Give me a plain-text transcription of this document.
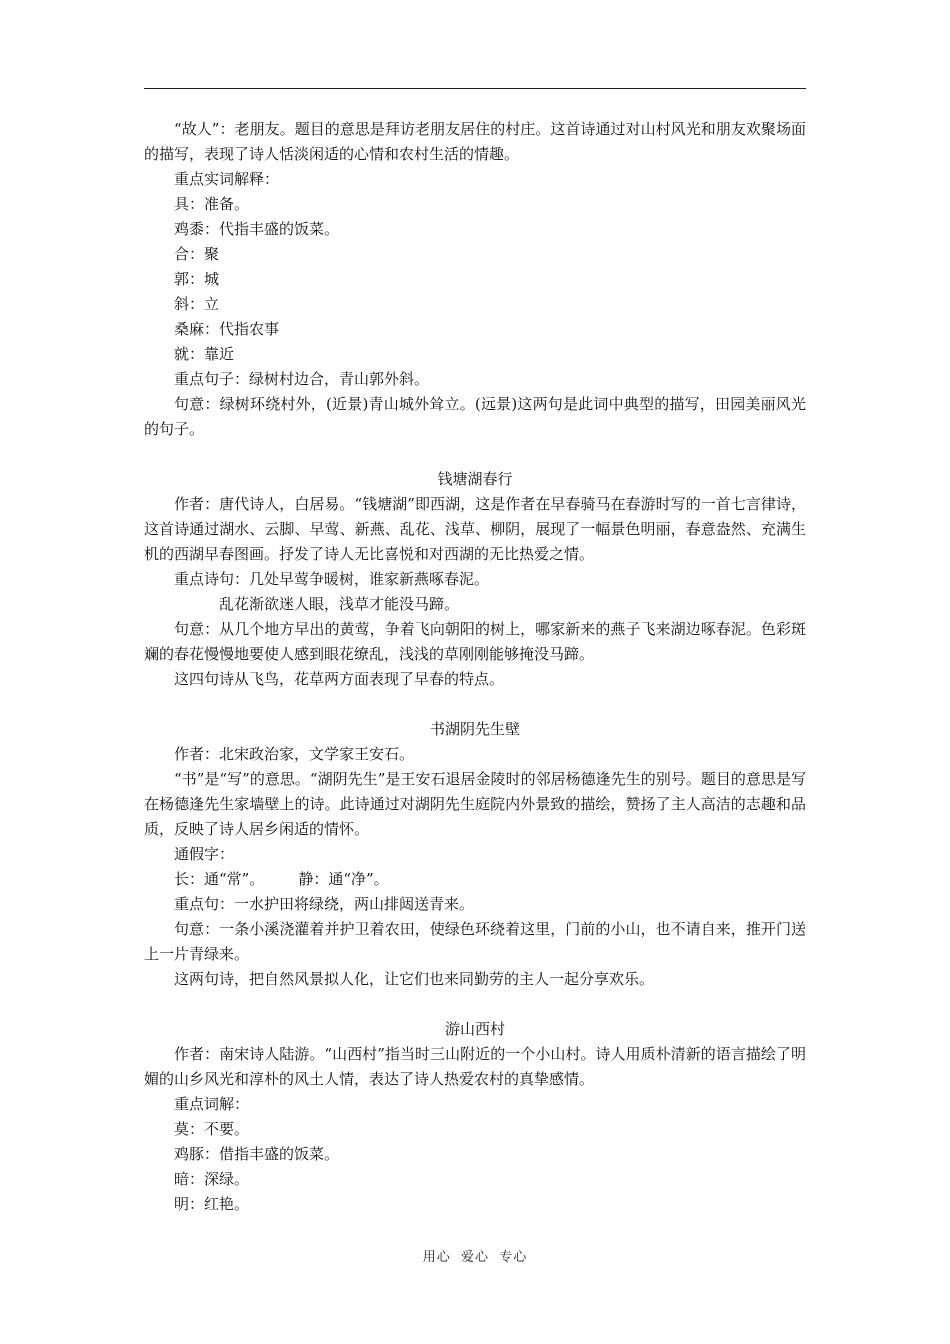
“故人”：老朋友。题目的意思是拜访老朋友居住的村庄。这首诗通过对山村风光和朋友欢聚场面的描写，表现了诗人恬淡闲适的心情和农村生活的情趣。

重点实词解释：

具：准备。

鸡黍：代指丰盛的饭菜。

合：聚

郭：城

斜：立

桑麻：代指农事

就：靠近

重点句子：绿树村边合，青山郭外斜。

句意：绿树环绕村外，(近景)青山城外耸立。(远景)这两句是此词中典型的描写，田园美丽风光的句子。

钱塘湖春行

作者：唐代诗人，白居易。“钱塘湖”即西湖，这是作者在早春骑马在春游时写的一首七言律诗，这首诗通过湖水、云脚、早莺、新燕、乱花、浅草、柳阴，展现了一幅景色明丽，春意盎然、充满生机的西湖早春图画。抒发了诗人无比喜悦和对西湖的无比热爱之情。

重点诗句：几处早莺争暖树，谁家新燕啄春泥。

乱花渐欲迷人眼，浅草才能没马蹄。

句意：从几个地方早出的黄莺，争着飞向朝阳的树上，哪家新来的燕子飞来湖边啄春泥。色彩斑斓的春花慢慢地要使人感到眼花缭乱，浅浅的草刚刚能够掩没马蹄。

这四句诗从飞鸟，花草两方面表现了早春的特点。

书湖阴先生壁

作者：北宋政治家，文学家王安石。

“书”是“写”的意思。“湖阴先生”是王安石退居金陵时的邻居杨德逢先生的别号。题目的意思是写在杨德逢先生家墙壁上的诗。此诗通过对湖阴先生庭院内外景致的描绘，赞扬了主人高洁的志趣和品质，反映了诗人居乡闲适的情怀。

通假字：

长：通“常”。 静：通“净”。

重点句：一水护田将绿绕，两山排闼送青来。

句意：一条小溪浇灌着并护卫着农田，使绿色环绕着这里，门前的小山，也不请自来，推开门送上一片青绿来。

这两句诗，把自然风景拟人化，让它们也来同勤劳的主人一起分享欢乐。

游山西村

作者：南宋诗人陆游。“山西村”指当时三山附近的一个小山村。诗人用质朴清新的语言描绘了明媚的山乡风光和淳朴的风土人情，表达了诗人热爱农村的真挚感情。

重点词解：

莫：不要。

鸡豚：借指丰盛的饭菜。

暗：深绿。

明：红艳。

用心  爱心  专心
